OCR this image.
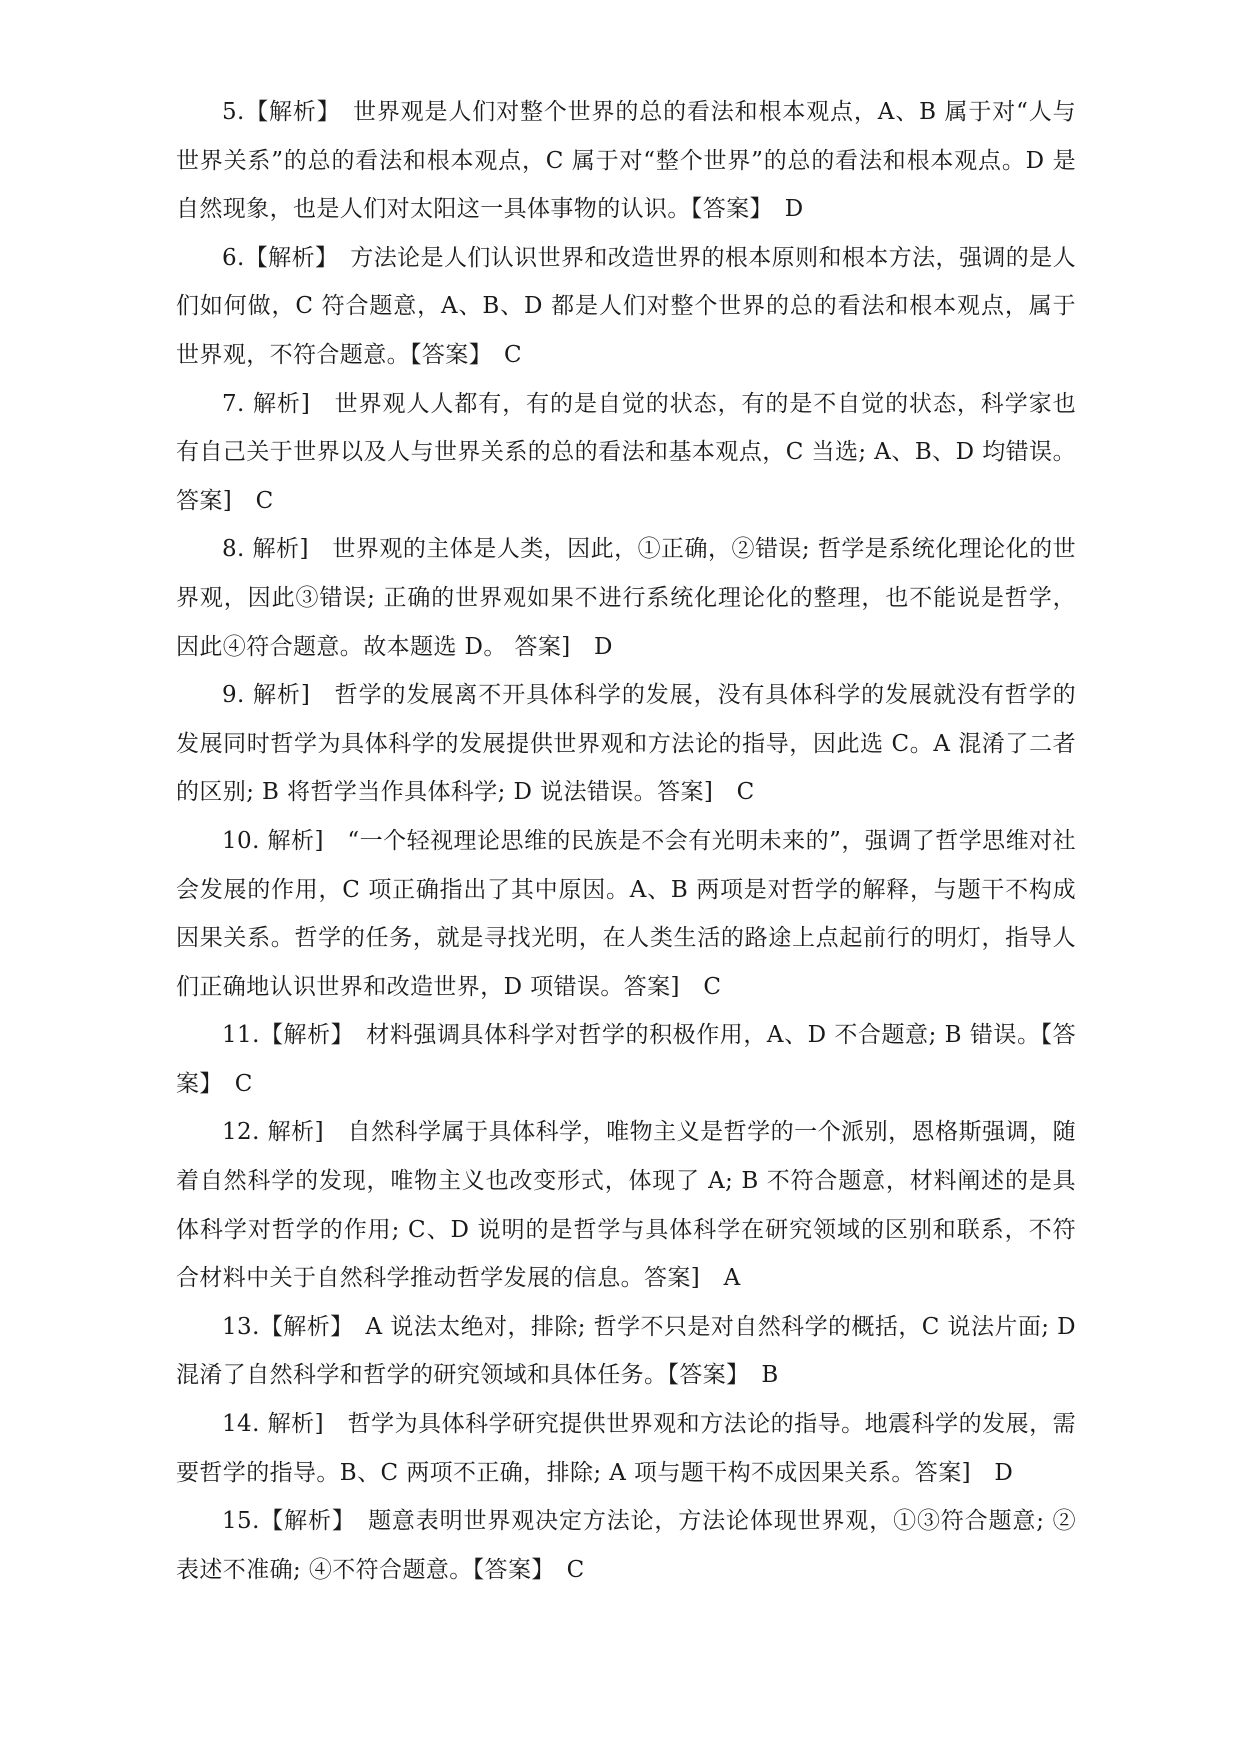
5.【解析】　世界观是人们对整个世界的总的看法和根本观点，A、B 属于对“人与世界关系”的总的看法和根本观点，C 属于对“整个世界”的总的看法和根本观点。D 是自然现象，也是人们对太阳这一具体事物的认识。【答案】　D

6.【解析】　方法论是人们认识世界和改造世界的根本原则和根本方法，强调的是人们如何做，C 符合题意，A、B、D 都是人们对整个世界的总的看法和根本观点，属于世界观，不符合题意。【答案】　C

7. 解析]　世界观人人都有，有的是自觉的状态，有的是不自觉的状态，科学家也有自己关于世界以及人与世界关系的总的看法和基本观点，C 当选; A、B、D 均错误。答案]　C

8. 解析]　世界观的主体是人类，因此，①正确，②错误; 哲学是系统化理论化的世界观，因此③错误; 正确的世界观如果不进行系统化理论化的整理，也不能说是哲学，因此④符合题意。故本题选 D。 答案]　D

9. 解析]　哲学的发展离不开具体科学的发展，没有具体科学的发展就没有哲学的发展同时哲学为具体科学的发展提供世界观和方法论的指导，因此选 C。A 混淆了二者的区别; B 将哲学当作具体科学; D 说法错误。答案]　C

10. 解析]　“一个轻视理论思维的民族是不会有光明未来的”，强调了哲学思维对社会发展的作用，C 项正确指出了其中原因。A、B 两项是对哲学的解释，与题干不构成因果关系。哲学的任务，就是寻找光明，在人类生活的路途上点起前行的明灯，指导人们正确地认识世界和改造世界，D 项错误。答案]　C

11.【解析】　材料强调具体科学对哲学的积极作用，A、D 不合题意; B 错误。【答案】　C

12. 解析]　自然科学属于具体科学，唯物主义是哲学的一个派别，恩格斯强调，随着自然科学的发现，唯物主义也改变形式，体现了 A; B 不符合题意，材料阐述的是具体科学对哲学的作用; C、D 说明的是哲学与具体科学在研究领域的区别和联系，不符合材料中关于自然科学推动哲学发展的信息。答案]　A

13.【解析】　A 说法太绝对，排除; 哲学不只是对自然科学的概括，C 说法片面; D 混淆了自然科学和哲学的研究领域和具体任务。【答案】　B

14. 解析]　哲学为具体科学研究提供世界观和方法论的指导。地震科学的发展，需要哲学的指导。B、C 两项不正确，排除; A 项与题干构不成因果关系。答案]　D

15.【解析】　题意表明世界观决定方法论，方法论体现世界观，①③符合题意; ②表述不准确; ④不符合题意。【答案】　C
